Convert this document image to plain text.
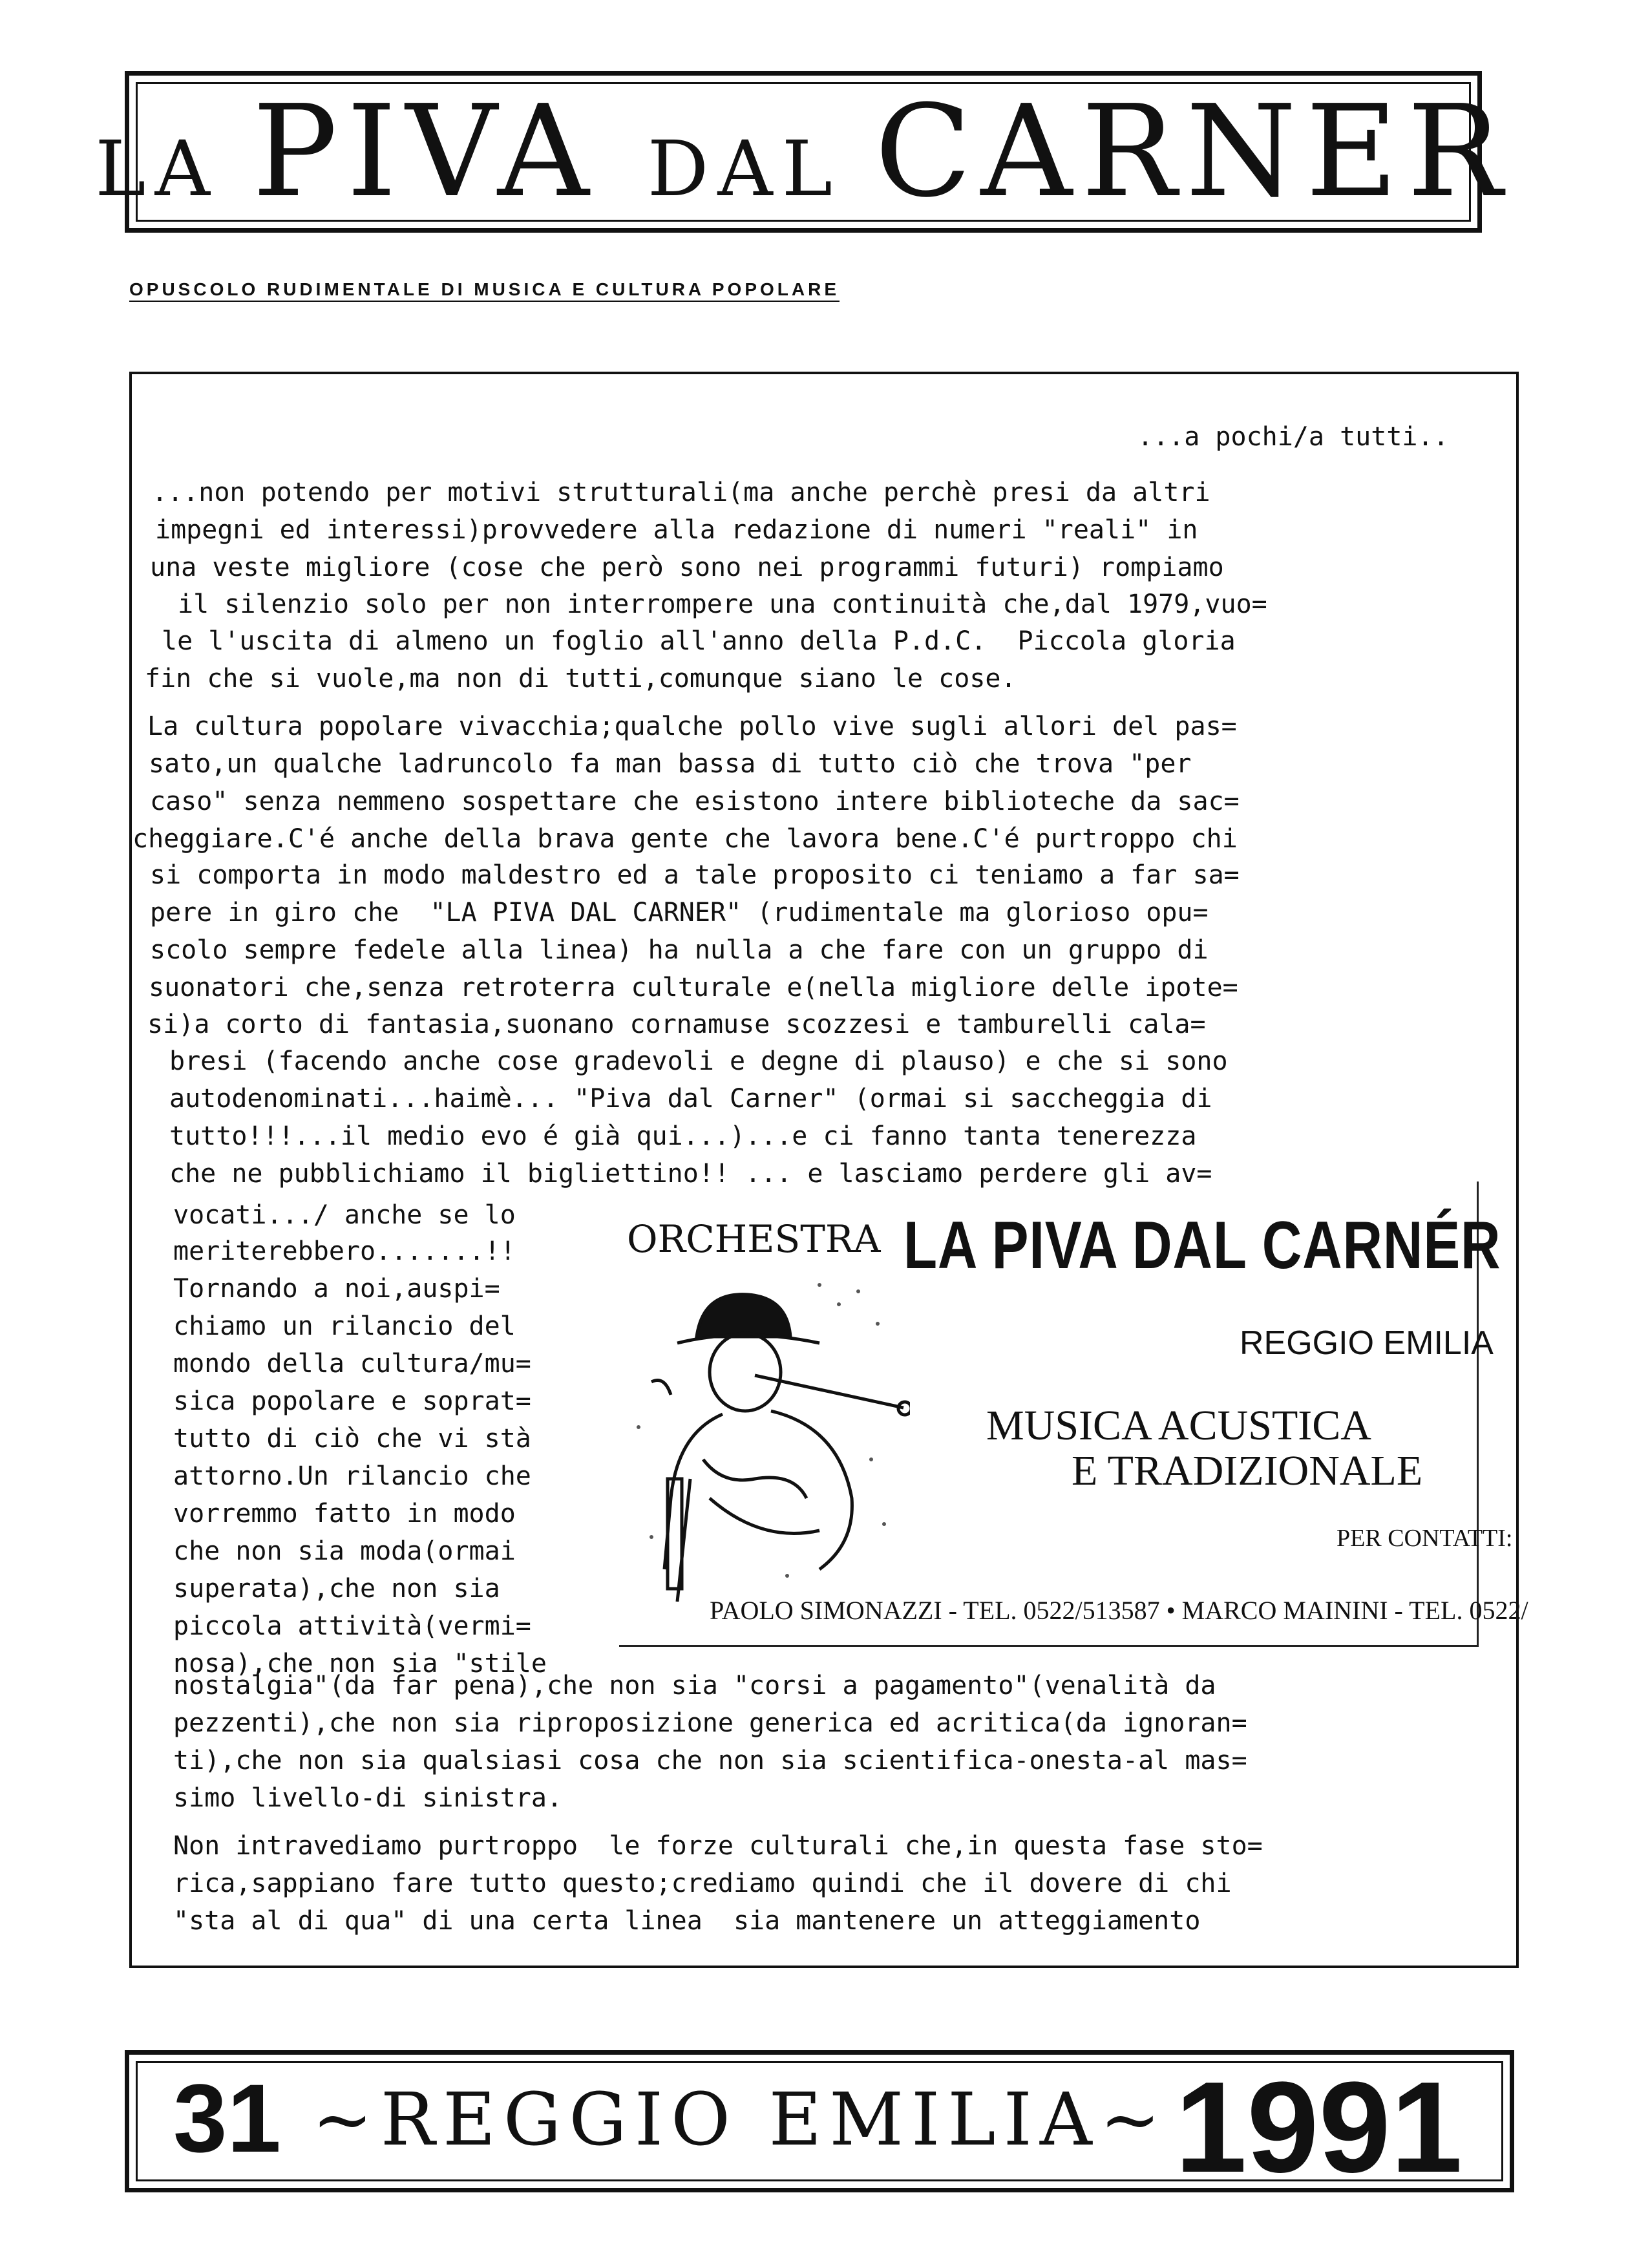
LA PIVA DAL CARNER
OPUSCOLO RUDIMENTALE DI MUSICA E CULTURA POPOLARE
...a pochi/a tutti..
...non potendo per motivi strutturali(ma anche perchè presi da altri
impegni ed interessi)provvedere alla redazione di numeri "reali" in
una veste migliore (cose che però sono nei programmi futuri) rompiamo
il silenzio solo per non interrompere una continuità che,dal 1979,vuo=
le l'uscita di almeno un foglio all'anno della P.d.C.  Piccola gloria
fin che si vuole,ma non di tutti,comunque siano le cose.
La cultura popolare vivacchia;qualche pollo vive sugli allori del pas=
sato,un qualche ladruncolo fa man bassa di tutto ciò che trova "per
caso" senza nemmeno sospettare che esistono intere biblioteche da sac=
cheggiare.C'é anche della brava gente che lavora bene.C'é purtroppo chi
si comporta in modo maldestro ed a tale proposito ci teniamo a far sa=
pere in giro che  "LA PIVA DAL CARNER" (rudimentale ma glorioso opu=
scolo sempre fedele alla linea) ha nulla a che fare con un gruppo di
suonatori che,senza retroterra culturale e(nella migliore delle ipote=
si)a corto di fantasia,suonano cornamuse scozzesi e tamburelli cala=
bresi (facendo anche cose gradevoli e degne di plauso) e che si sono
autodenominati...haimè... "Piva dal Carner" (ormai si saccheggia di
tutto!!!...il medio evo é già qui...)...e ci fanno tanta tenerezza
che ne pubblichiamo il bigliettino!! ... e lasciamo perdere gli av=
vocati.../ anche se lo
meriterebbero.......!!
Tornando a noi,auspi=
chiamo un rilancio del
mondo della cultura/mu=
sica popolare e soprat=
tutto di ciò che vi stà
attorno.Un rilancio che
vorremmo fatto in modo
che non sia moda(ormai
superata),che non sia
piccola attività(vermi=
nosa),che non sia "stile
nostalgia"(da far pena),che non sia "corsi a pagamento"(venalità da
pezzenti),che non sia riproposizione generica ed acritica(da ignoran=
ti),che non sia qualsiasi cosa che non sia scientifica-onesta-al mas=
simo livello-di sinistra.
Non intravediamo purtroppo  le forze culturali che,in questa fase sto=
rica,sappiano fare tutto questo;crediamo quindi che il dovere di chi
"sta al di qua" di una certa linea  sia mantenere un atteggiamento
ORCHESTRA LA PIVA DAL CARNÉR
REGGIO EMILIA
MUSICA ACUSTICA
E TRADIZIONALE
PER CONTATTI:
PAOLO SIMONAZZI - TEL. 0522/513587 • MARCO MAININI - TEL. 0522/
31 ~REGGIO EMILIA~ 1991
